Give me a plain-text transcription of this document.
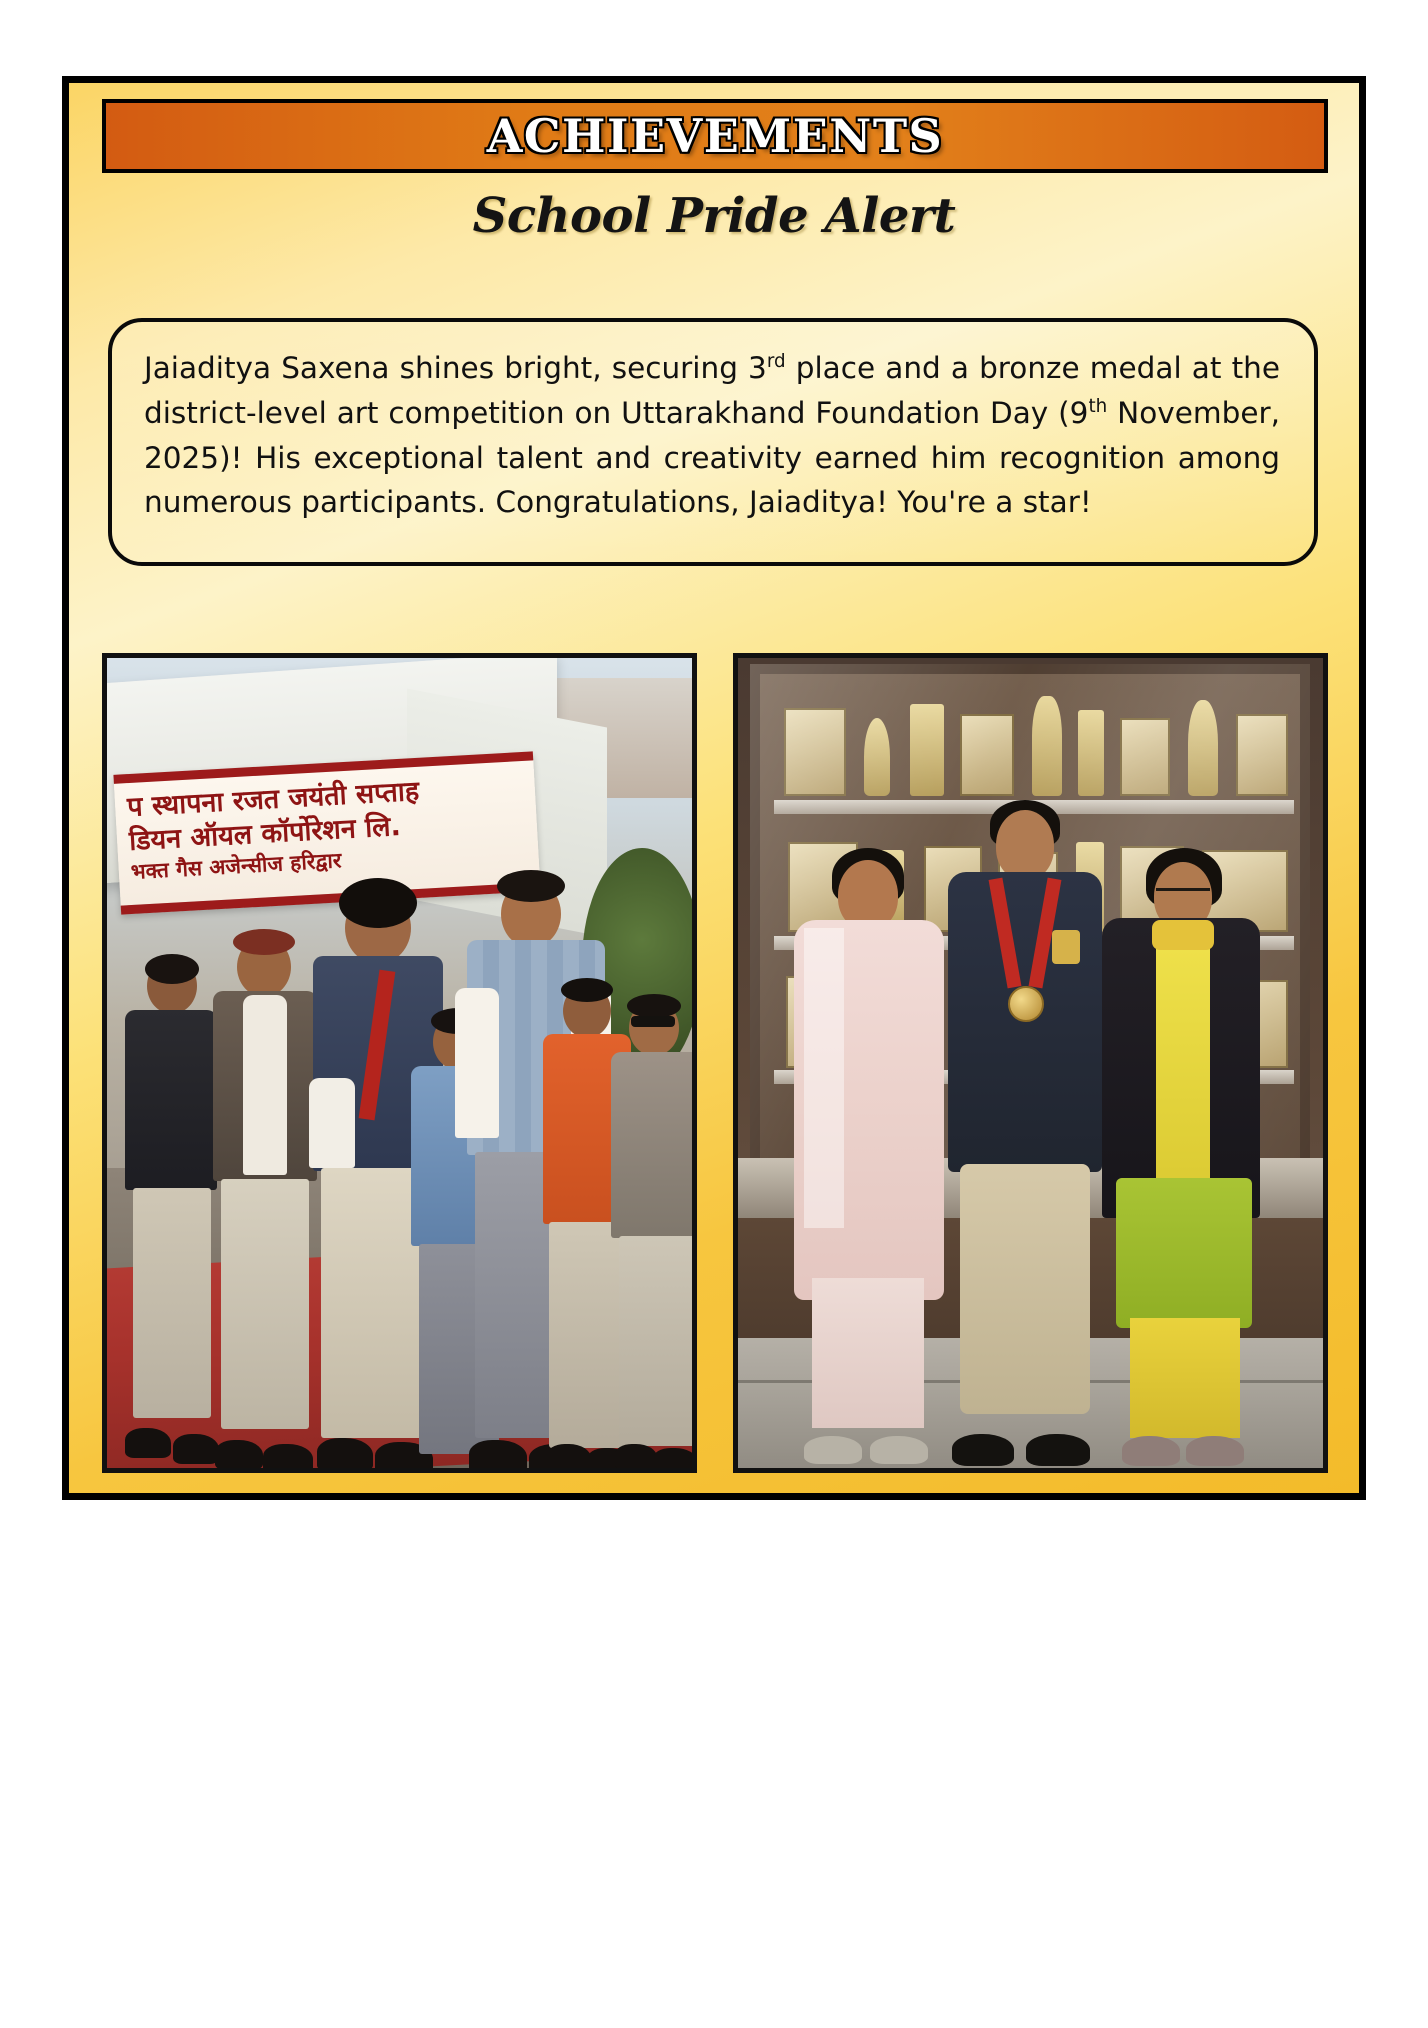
ACHIEVEMENTS
School Pride Alert

Jaiaditya Saxena shines bright, securing 3rd place and a bronze medal at the district-level art competition on Uttarakhand Foundation Day (9th November, 2025)! His exceptional talent and creativity earned him recognition among numerous participants. Congratulations, Jaiaditya! You're a star!

प स्थापना रजत जयंती सप्ताह
डियन ऑयल कॉर्पोरेशन लि.
भक्त गैस अजेन्सीज हरिद्वार
